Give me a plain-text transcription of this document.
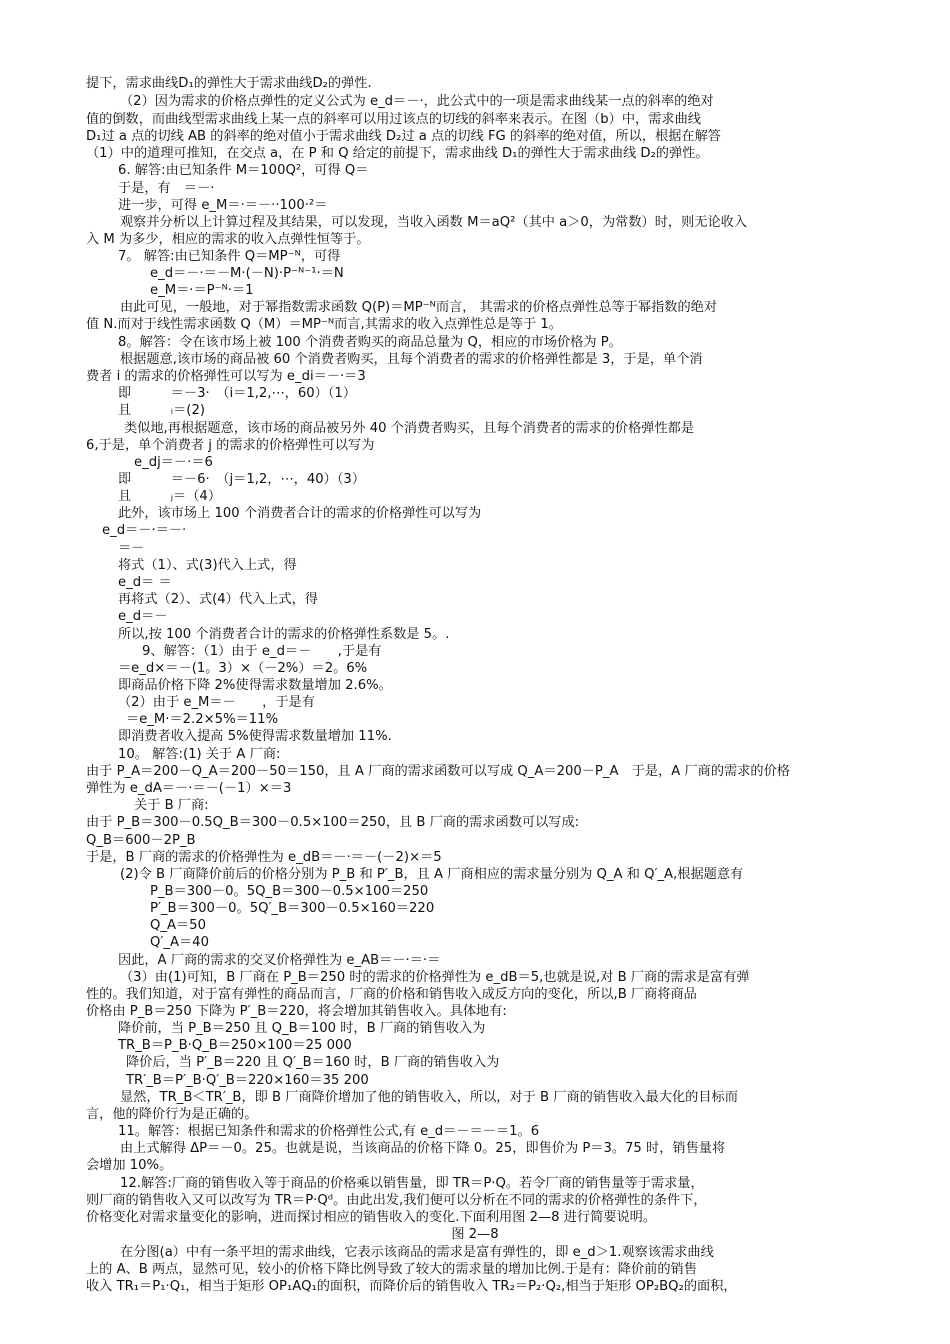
提下，需求曲线D₁的弹性大于需求曲线D₂的弹性.
（2）因为需求的价格点弹性的定义公式为 e_d＝－·，此公式中的一项是需求曲线某一点的斜率的绝对
值的倒数，而曲线型需求曲线上某一点的斜率可以用过该点的切线的斜率来表示。在图（b）中，需求曲线
D₁过 a 点的切线 AB 的斜率的绝对值小于需求曲线 D₂过 a 点的切线 FG 的斜率的绝对值，所以，根据在解答
（1）中的道理可推知，在交点 a，在 P 和 Q 给定的前提下，需求曲线 D₁的弹性大于需求曲线 D₂的弹性。
6. 解答:由已知条件 M＝100Q²，可得 Q＝
于是，有　＝－·
进一步，可得 e_M＝·＝－··100·²＝
观察并分析以上计算过程及其结果，可以发现，当收入函数 M＝aQ²（其中 a＞0，为常数）时，则无论收入
入 M 为多少，相应的需求的收入点弹性恒等于。
7。 解答:由已知条件 Q＝MP⁻ᴺ，可得
e_d＝－·＝－M·(－N)·P⁻ᴺ⁻¹·＝N
e_M＝·＝P⁻ᴺ·＝1
由此可见，一般地，对于幂指数需求函数 Q(P)＝MP⁻ᴺ而言， 其需求的价格点弹性总等于幂指数的绝对
值 N.而对于线性需求函数 Q（M）＝MP⁻ᴺ而言,其需求的收入点弹性总是等于 1。
8。解答：令在该市场上被 100 个消费者购买的商品总量为 Q，相应的市场价格为 P。
根据题意,该市场的商品被 60 个消费者购买，且每个消费者的需求的价格弹性都是 3，于是，单个消
费者 i 的需求的价格弹性可以写为 e_di＝－·＝3
即　　　＝－3·　（i＝1,2,⋯，60）（1）
且　　　ᵢ＝(2)
类似地,再根据题意，该市场的商品被另外 40 个消费者购买，且每个消费者的需求的价格弹性都是
6,于是，单个消费者 j 的需求的价格弹性可以写为
e_dj＝－·＝6
即　　　＝－6·　（j＝1,2，⋯，40）（3）
且　　　ⱼ＝（4）
此外，该市场上 100 个消费者合计的需求的价格弹性可以写为
e_d＝－·＝－·
＝－
将式（1）、式(3)代入上式，得
e_d＝ ＝
再将式（2）、式(4）代入上式，得
e_d＝－
所以,按 100 个消费者合计的需求的价格弹性系数是 5。.
9、解答：（1）由于 e_d＝－　　,于是有
＝e_d×＝－(1。3）×（－2%）＝2。6%
即商品价格下降 2%使得需求数量增加 2.6%。
（2）由于 e_M＝－　　，于是有
＝e_M·＝2.2×5%＝11%
即消费者收入提高 5%使得需求数量增加 11%.
10。 解答:(1) 关于 A 厂商:
由于 P_A＝200－Q_A＝200－50＝150，且 A 厂商的需求函数可以写成 Q_A＝200－P_A　于是，A 厂商的需求的价格
弹性为 e_dA＝－·＝－(－1）×＝3
关于 B 厂商:
由于 P_B＝300－0.5Q_B＝300－0.5×100＝250，且 B 厂商的需求函数可以写成:
Q_B＝600－2P_B
于是，B 厂商的需求的价格弹性为 e_dB＝－·＝－(－2)×＝5
(2)令 B 厂商降价前后的价格分别为 P_B 和 P′_B，且 A 厂商相应的需求量分别为 Q_A 和 Q′_A,根据题意有
P_B＝300－0。5Q_B＝300－0.5×100＝250
P′_B＝300－0。5Q′_B＝300－0.5×160＝220
Q_A＝50
Q′_A＝40
因此，A 厂商的需求的交叉价格弹性为 e_AB＝－·＝·＝
（3）由(1)可知，B 厂商在 P_B＝250 时的需求的价格弹性为 e_dB＝5,也就是说,对 B 厂商的需求是富有弹
性的。我们知道，对于富有弹性的商品而言，厂商的价格和销售收入成反方向的变化，所以,B 厂商将商品
价格由 P_B＝250 下降为 P′_B＝220，将会增加其销售收入。具体地有:
降价前，当 P_B＝250 且 Q_B＝100 时，B 厂商的销售收入为
TR_B＝P_B·Q_B＝250×100＝25 000
降价后，当 P′_B＝220 且 Q′_B＝160 时，B 厂商的销售收入为
TR′_B＝P′_B·Q′_B＝220×160＝35 200
显然，TR_B＜TR′_B，即 B 厂商降价增加了他的销售收入，所以，对于 B 厂商的销售收入最大化的目标而
言，他的降价行为是正确的。
11。解答：根据已知条件和需求的价格弹性公式,有 e_d＝－＝－＝1。6
由上式解得 ΔP＝－0。25。也就是说，当该商品的价格下降 0。25，即售价为 P＝3。75 时，销售量将
会增加 10%。
12.解答:厂商的销售收入等于商品的价格乘以销售量，即 TR＝P·Q。若令厂商的销售量等于需求量，
则厂商的销售收入又可以改写为 TR＝P·Qᵈ。由此出发,我们便可以分析在不同的需求的价格弹性的条件下，
价格变化对需求量变化的影响，进而探讨相应的销售收入的变化.下面利用图 2—8 进行简要说明。
图 2—8
在分图(a）中有一条平坦的需求曲线，它表示该商品的需求是富有弹性的，即 e_d＞1.观察该需求曲线
上的 A、B 两点，显然可见，较小的价格下降比例导致了较大的需求量的增加比例.于是有：降价前的销售
收入 TR₁＝P₁·Q₁，相当于矩形 OP₁AQ₁的面积，而降价后的销售收入 TR₂＝P₂·Q₂,相当于矩形 OP₂BQ₂的面积，
